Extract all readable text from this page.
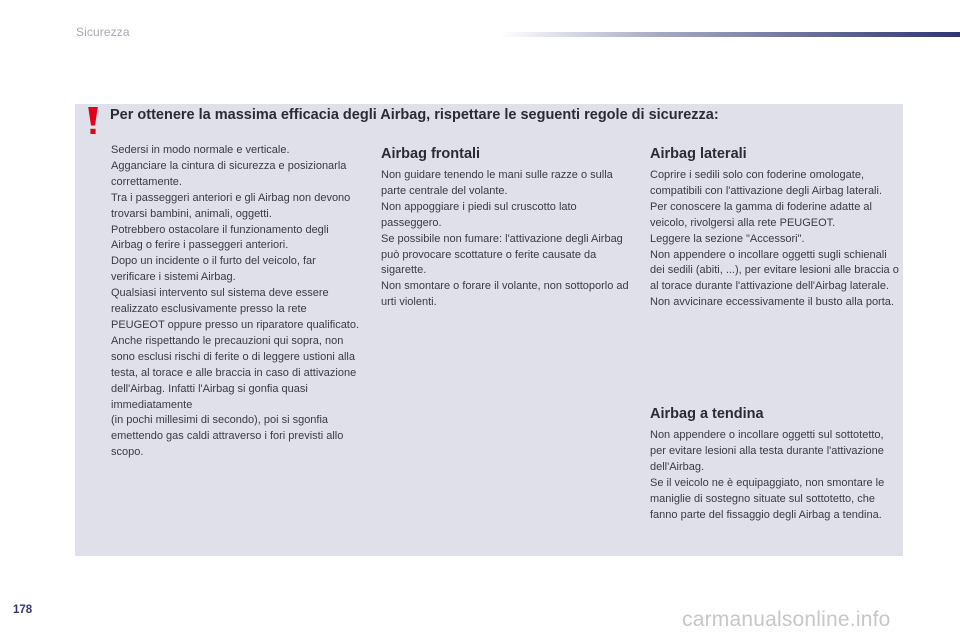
Sicurezza
Per ottenere la massima efficacia degli Airbag, rispettare le seguenti regole di sicurezza:

Sedersi in modo normale e verticale.

Agganciare la cintura di sicurezza e posizionarla correttamente.

Tra i passeggeri anteriori e gli Airbag non devono trovarsi bambini, animali, oggetti.

Potrebbero ostacolare il funzionamento degli Airbag o ferire i passeggeri anteriori.

Dopo un incidente o il furto del veicolo, far verificare i sistemi Airbag.

Qualsiasi intervento sul sistema deve essere realizzato esclusivamente presso la rete PEUGEOT oppure presso un riparatore qualificato.

Anche rispettando le precauzioni qui sopra, non sono esclusi rischi di ferite o di leggere ustioni alla testa, al torace e alle braccia in caso di attivazione dell'Airbag. Infatti l'Airbag si gonfia quasi immediatamente

(in pochi millesimi di secondo), poi si sgonfia emettendo gas caldi attraverso i fori previsti allo scopo.

Airbag frontali

Non guidare tenendo le mani sulle razze o sulla parte centrale del volante.

Non appoggiare i piedi sul cruscotto lato passeggero.

Se possibile non fumare: l'attivazione degli Airbag può provocare scottature o ferite causate da sigarette.

Non smontare o forare il volante, non sottoporlo ad urti violenti.

Airbag laterali

Coprire i sedili solo con foderine omologate, compatibili con l'attivazione degli Airbag laterali. Per conoscere la gamma di foderine adatte al veicolo, rivolgersi alla rete PEUGEOT.

Leggere la sezione "Accessori".

Non appendere o incollare oggetti sugli schienali dei sedili (abiti, ...), per evitare lesioni alle braccia o al torace durante l'attivazione dell'Airbag laterale.

Non avvicinare eccessivamente il busto alla porta.

Airbag a tendina

Non appendere o incollare oggetti sul sottotetto, per evitare lesioni alla testa durante l'attivazione dell'Airbag.

Se il veicolo ne è equipaggiato, non smontare le maniglie di sostegno situate sul sottotetto, che fanno parte del fissaggio degli Airbag a tendina.

178	carmanualsonline.info
